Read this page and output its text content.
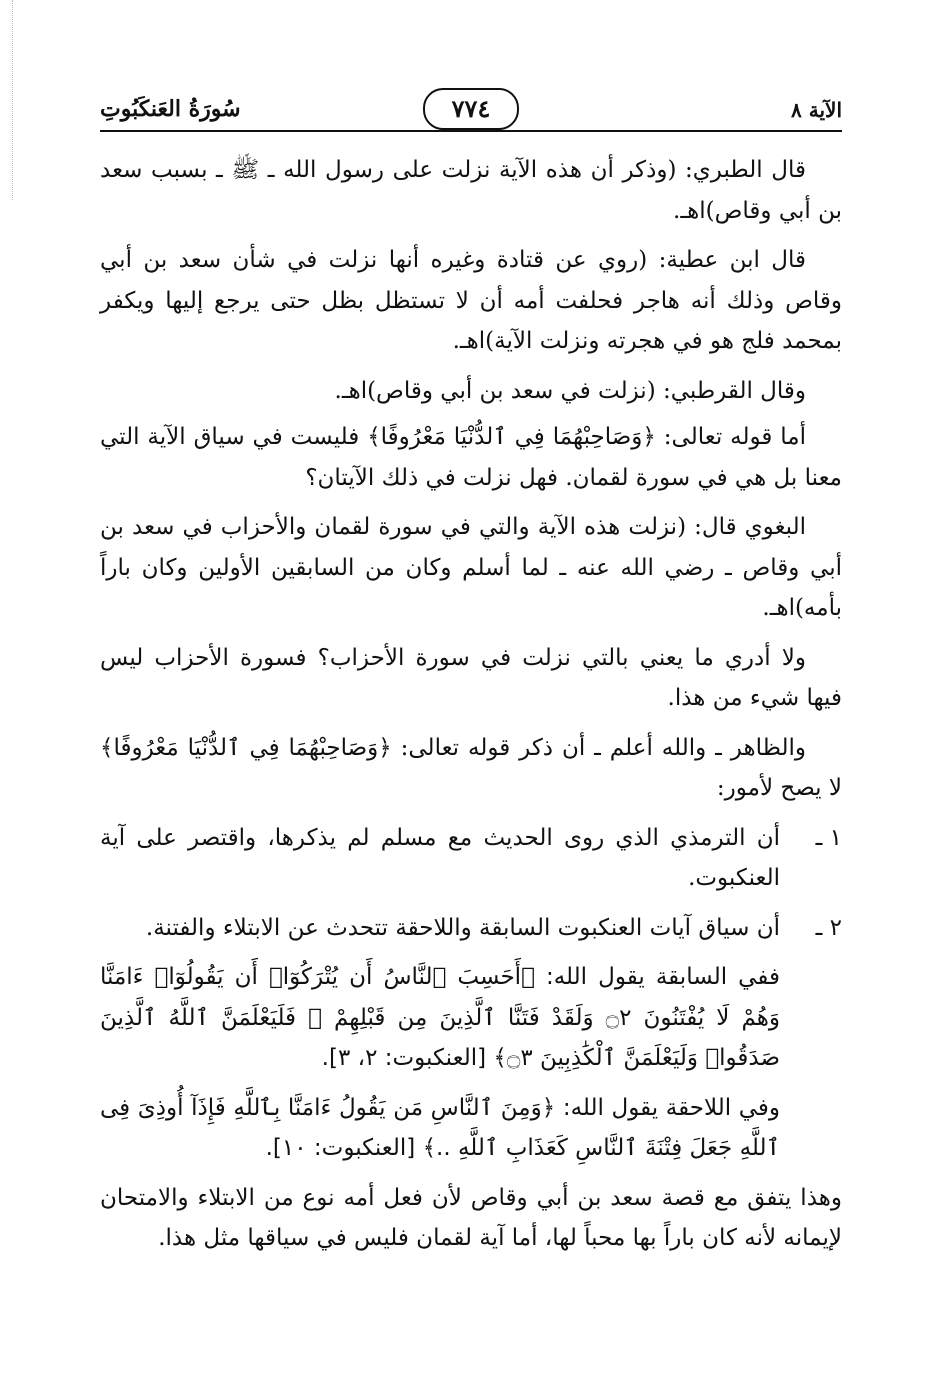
الآية ٨
٧٧٤
سُورَةُ العَنكَبُوتِ

قال الطبري: (وذكر أن هذه الآية نزلت على رسول الله ـ ﷺ ـ بسبب سعد بن أبي وقاص)اهـ.

قال ابن عطية: (روي عن قتادة وغيره أنها نزلت في شأن سعد بن أبي وقاص وذلك أنه هاجر فحلفت أمه أن لا تستظل بظل حتى يرجع إليها ويكفر بمحمد فلج هو في هجرته ونزلت الآية)اهـ.

وقال القرطبي: (نزلت في سعد بن أبي وقاص)اهـ.

أما قوله تعالى: ﴿وَصَاحِبْهُمَا فِي ٱلدُّنْيَا مَعْرُوفًا﴾ فليست في سياق الآية التي معنا بل هي في سورة لقمان. فهل نزلت في ذلك الآيتان؟

البغوي قال: (نزلت هذه الآية والتي في سورة لقمان والأحزاب في سعد بن أبي وقاص ـ رضي الله عنه ـ لما أسلم وكان من السابقين الأولين وكان باراً بأمه)اهـ.

ولا أدري ما يعني بالتي نزلت في سورة الأحزاب؟ فسورة الأحزاب ليس فيها شيء من هذا.

والظاهر ـ والله أعلم ـ أن ذكر قوله تعالى: ﴿وَصَاحِبْهُمَا فِي ٱلدُّنْيَا مَعْرُوفًا﴾ لا يصح لأمور:

١ ـ
أن الترمذي الذي روى الحديث مع مسلم لم يذكرها، واقتصر على آية العنكبوت.
٢ ـ
أن سياق آيات العنكبوت السابقة واللاحقة تتحدث عن الابتلاء والفتنة.
ففي السابقة يقول الله: ﴿أَحَسِبَ ٱلنَّاسُ أَن يُتْرَكُوٓا۟ أَن يَقُولُوٓا۟ ءَامَنَّا وَهُمْ لَا يُفْتَنُونَ ۝٢ وَلَقَدْ فَتَنَّا ٱلَّذِينَ مِن قَبْلِهِمْ ۖ فَلَيَعْلَمَنَّ ٱللَّهُ ٱلَّذِينَ صَدَقُوا۟ وَلَيَعْلَمَنَّ ٱلْكَٰذِبِينَ ۝٣﴾ [العنكبوت: ٢، ٣].
وفي اللاحقة يقول الله: ﴿وَمِنَ ٱلنَّاسِ مَن يَقُولُ ءَامَنَّا بِٱللَّهِ فَإِذَآ أُوذِىَ فِى ٱللَّهِ جَعَلَ فِتْنَةَ ٱلنَّاسِ كَعَذَابِ ٱللَّهِ ..﴾ [العنكبوت: ١٠].

وهذا يتفق مع قصة سعد بن أبي وقاص لأن فعل أمه نوع من الابتلاء والامتحان لإيمانه لأنه كان باراً بها محباً لها، أما آية لقمان فليس في سياقها مثل هذا.
